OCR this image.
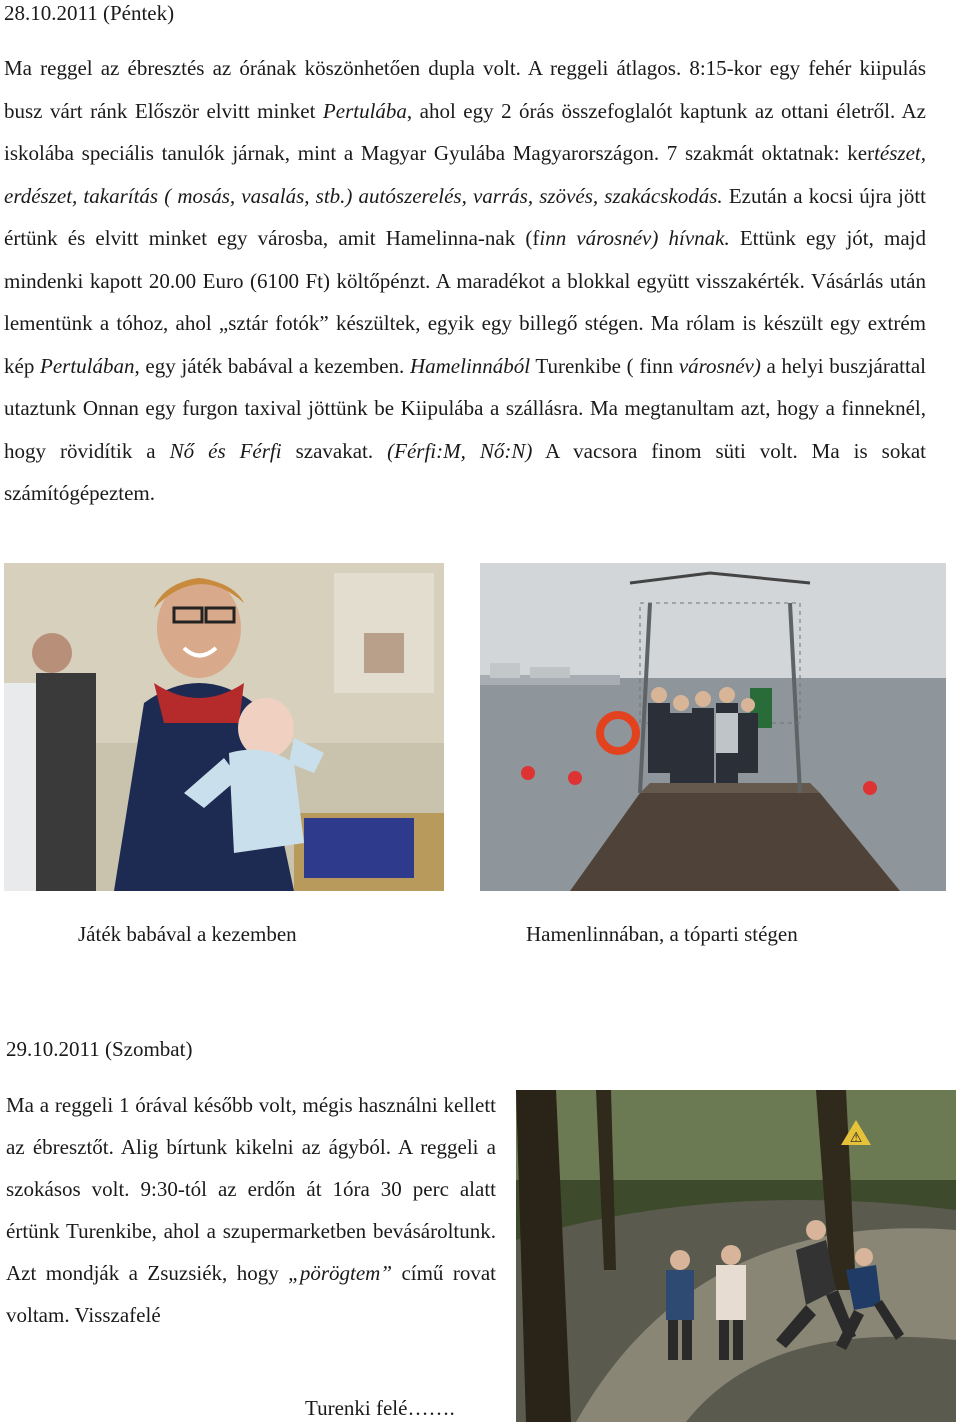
28.10.2011 (Péntek)
Ma reggel az ébresztés az órának köszönhetően dupla volt. A reggeli átlagos. 8:15-kor egy fehér kiipulás busz várt ránk Először elvitt minket Pertulába, ahol egy 2 órás összefoglalót kaptunk az ottani életről. Az iskolába speciális tanulók járnak, mint a Magyar Gyulába Magyarországon. 7 szakmát oktatnak: kertészet, erdészet, takarítás ( mosás, vasalás, stb.) autószerelés, varrás, szövés, szakácskodás. Ezután a kocsi újra jött értünk és elvitt minket egy városba, amit Hamelinna-nak (finn városnév) hívnak. Ettünk egy jót, majd mindenki kapott 20.00 Euro (6100 Ft) költőpénzt. A maradékot a blokkal együtt visszakérték. Vásárlás után lementünk a tóhoz, ahol „sztár fotók” készültek, egyik egy billegő stégen. Ma rólam is készült egy extrém kép Pertulában, egy játék babával a kezemben. Hamelinnából Turenkibe ( finn városnév) a helyi buszjárattal utaztunk Onnan egy furgon taxival jöttünk be Kiipulába a szállásra. Ma megtanultam azt, hogy a finneknél, hogy rövidítik a Nő és Férfi szavakat. (Férfi:M, Nő:N) A vacsora finom süti volt. Ma is sokat számítógépeztem.
Játék babával a kezemben	Hamenlinnában, a tóparti stégen
29.10.2011 (Szombat)
Ma a reggeli 1 órával később volt, mégis használni kellett az ébresztőt. Alig bírtunk kikelni az ágyból. A reggeli a szokásos volt. 9:30-tól az erdőn át 1óra 30 perc alatt értünk Turenkibe, ahol a szupermarketben bevásároltunk. Azt mondják a Zsuzsiék, hogy „pörögtem” című rovat voltam. Visszafelé
⚠
Turenki felé…….
